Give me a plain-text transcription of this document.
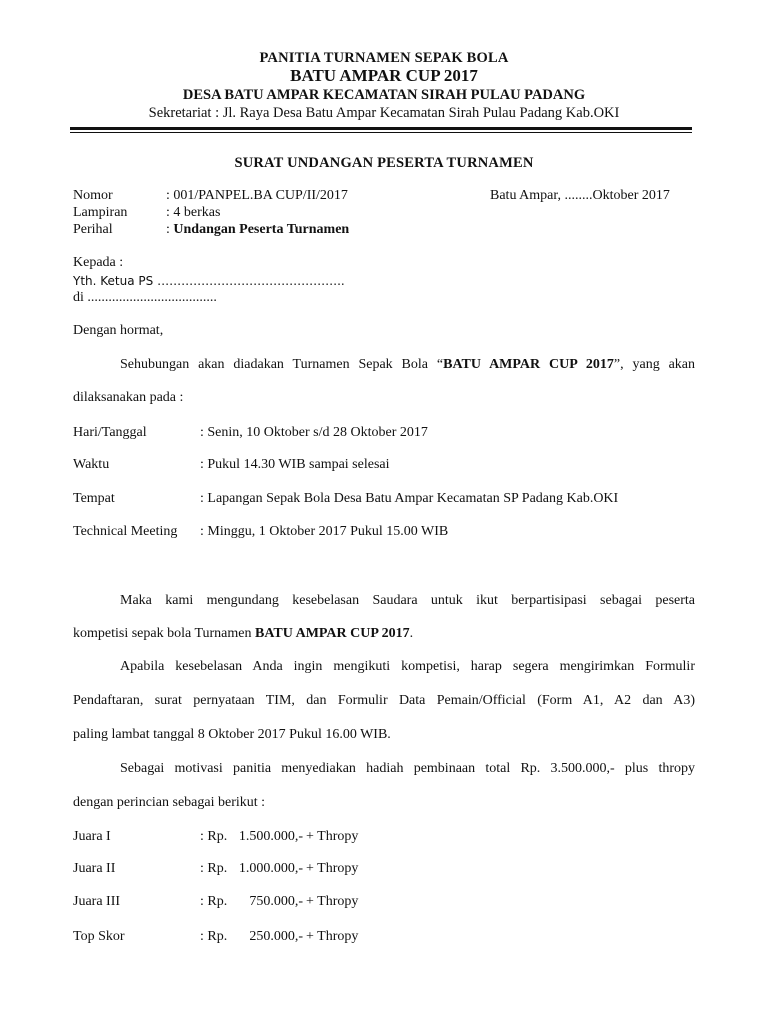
PANITIA TURNAMEN SEPAK BOLA
BATU AMPAR CUP 2017
DESA BATU AMPAR KECAMATAN SIRAH PULAU PADANG
Sekretariat : Jl. Raya Desa Batu Ampar Kecamatan Sirah Pulau Padang Kab.OKI
SURAT UNDANGAN PESERTA TURNAMEN
Nomor	: 001/PANPEL.BA CUP/II/2017	Batu Ampar, ........Oktober 2017
Lampiran	: 4 berkas
Perihal	: Undangan Peserta Turnamen
Kepada :
Yth. Ketua PS ………………………………………..
di .....................................
Dengan hormat,
Sehubungan akan diadakan Turnamen Sepak Bola “BATU AMPAR CUP 2017”, yang akan
dilaksanakan pada :
Hari/Tanggal	: Senin, 10 Oktober s/d 28 Oktober 2017
Waktu	: Pukul 14.30 WIB sampai selesai
Tempat	: Lapangan Sepak Bola Desa Batu Ampar Kecamatan SP Padang Kab.OKI
Technical Meeting : Minggu, 1 Oktober 2017 Pukul 15.00 WIB
Maka kami mengundang kesebelasan Saudara untuk ikut berpartisipasi sebagai peserta
kompetisi sepak bola Turnamen BATU AMPAR CUP 2017.
Apabila kesebelasan Anda ingin mengikuti kompetisi, harap segera mengirimkan Formulir
Pendaftaran, surat pernyataan TIM, dan Formulir Data Pemain/Official (Form A1, A2 dan A3)
paling lambat tanggal 8 Oktober 2017 Pukul 16.00 WIB.
Sebagai motivasi panitia menyediakan hadiah pembinaan total Rp. 3.500.000,- plus thropy
dengan perincian sebagai berikut :
Juara I	: Rp. 1.500.000,- + Thropy
Juara II	: Rp. 1.000.000,- + Thropy
Juara III	: Rp.	750.000,- + Thropy
Top Skor	: Rp.	250.000,- + Thropy
